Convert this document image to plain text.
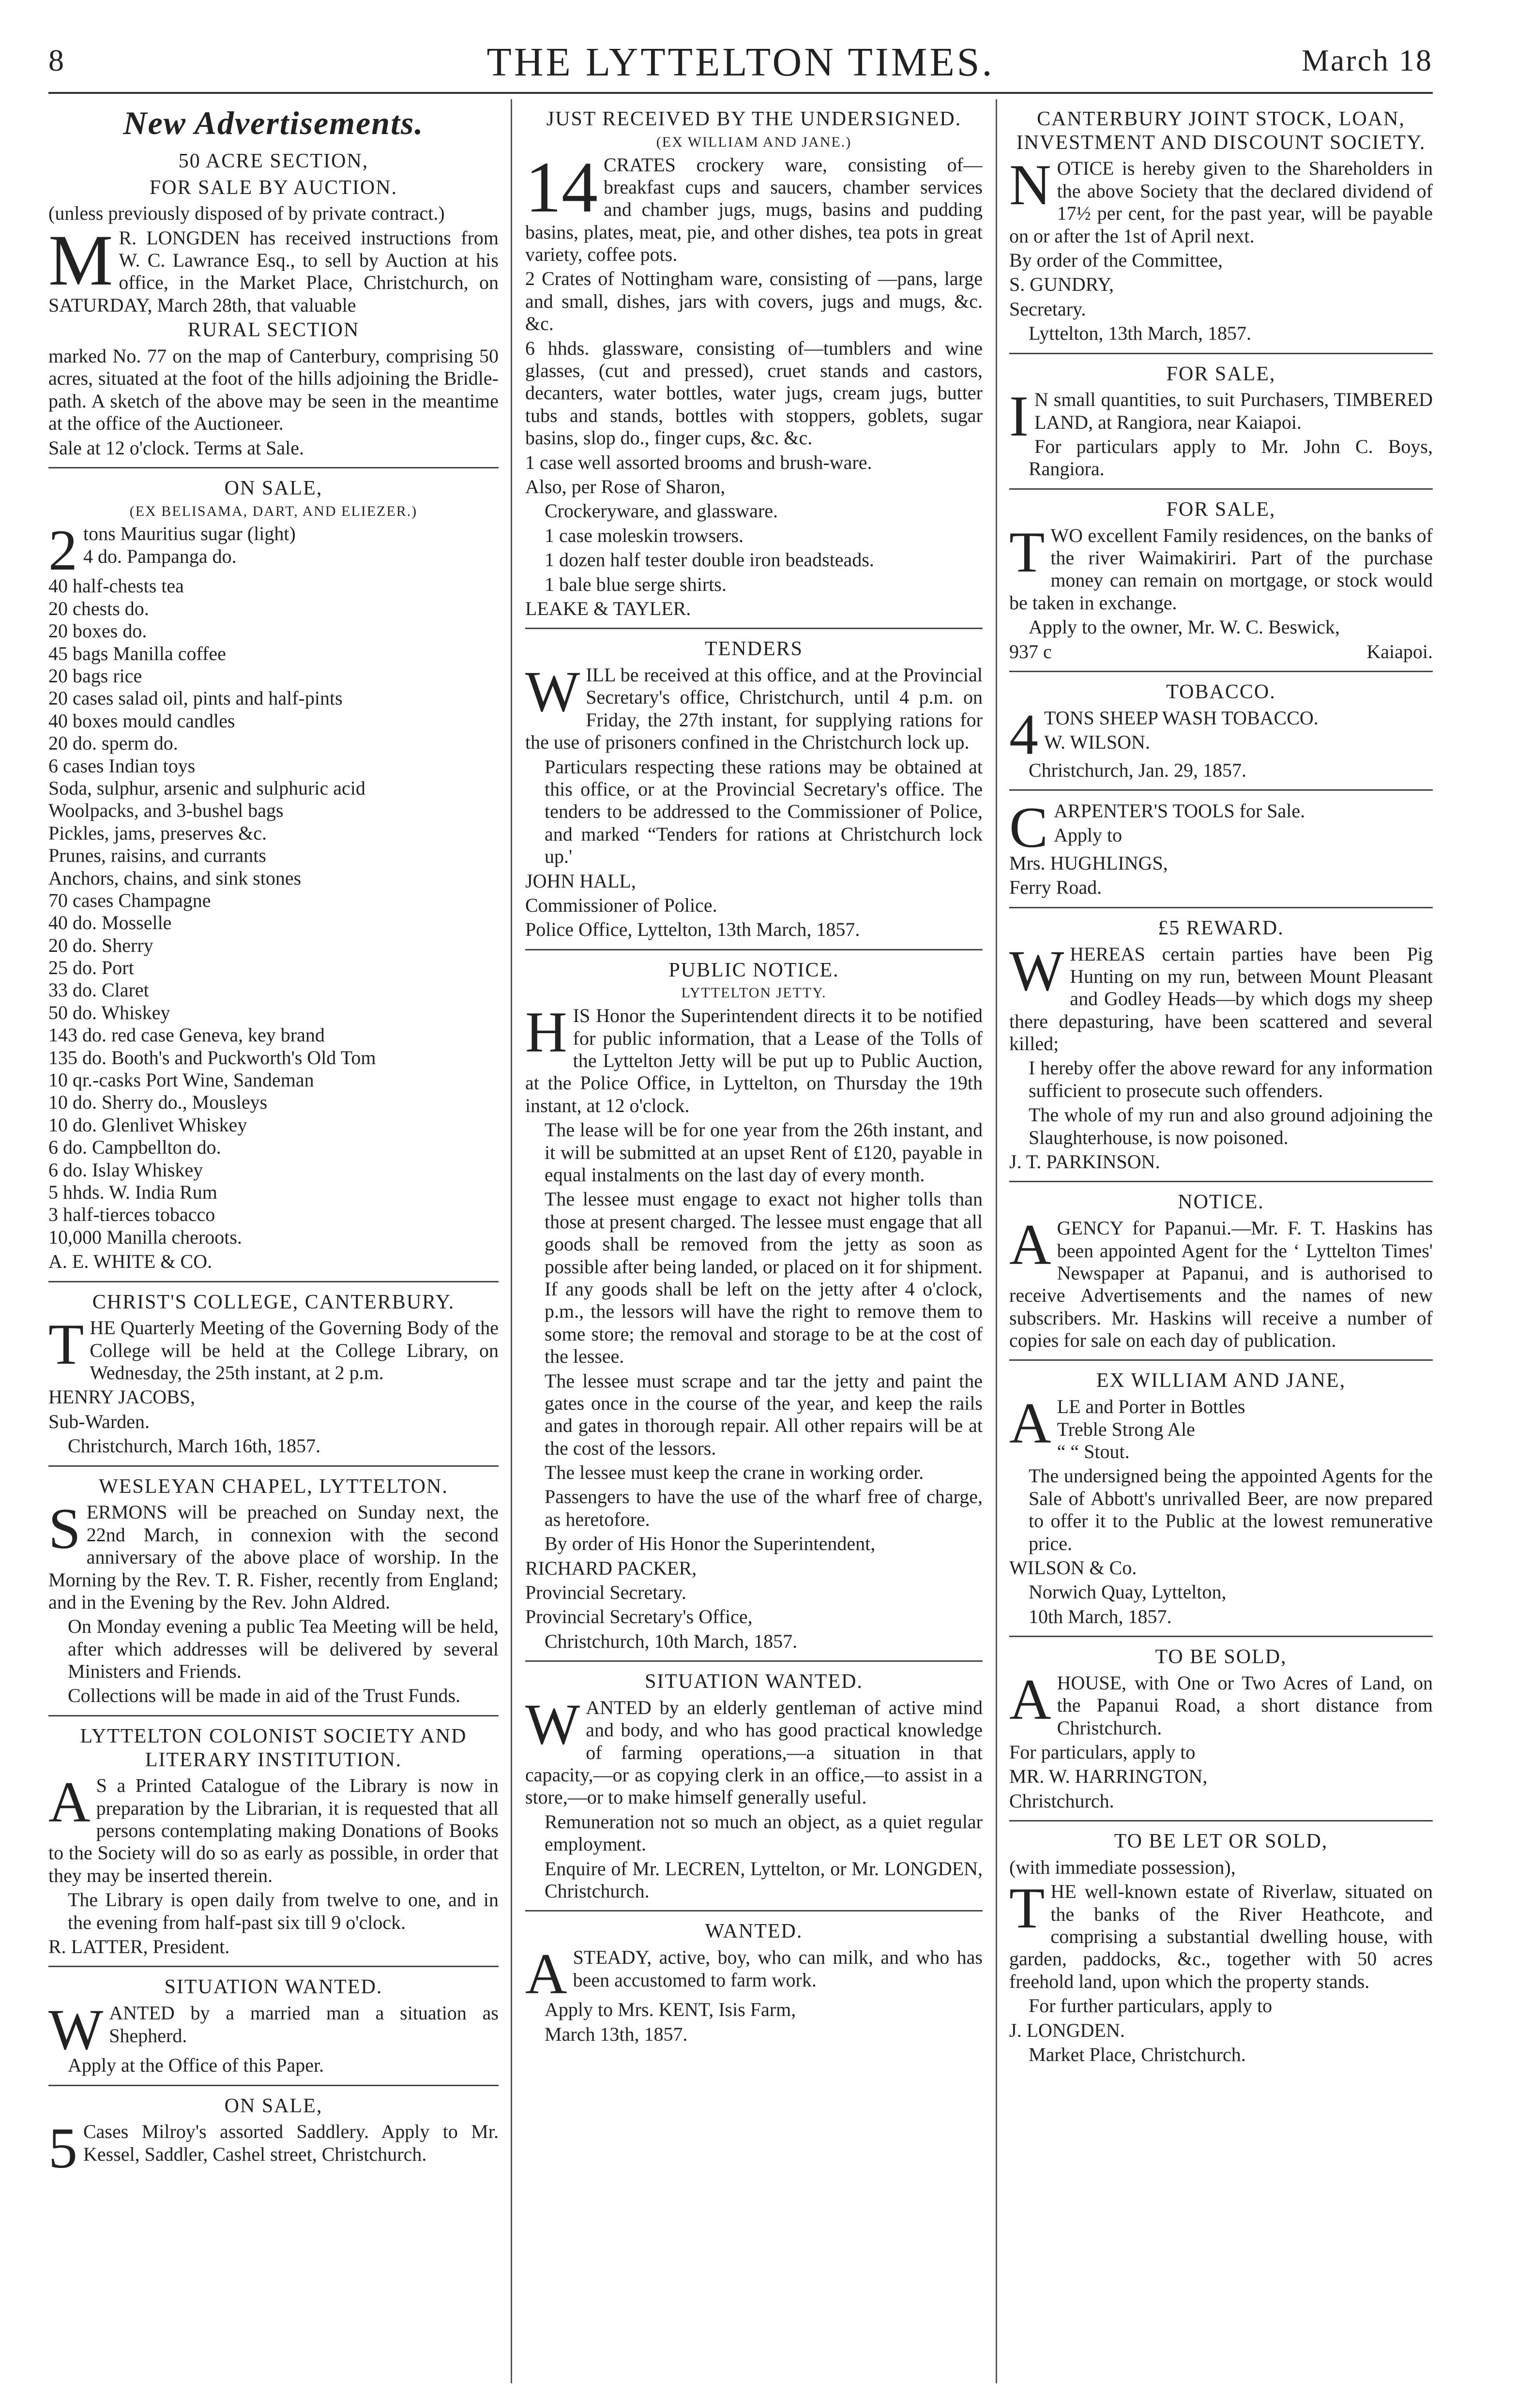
8	THE LYTTELTON TIMES.	March 18
New Advertisements.
50 ACRE SECTION,
FOR SALE BY AUCTION.

(unless previously disposed of by private contract.)

M R. LONGDEN has received instructions from W. C. Lawrance Esq., to sell by Auction at his office, in the Market Place, Christchurch, on SATURDAY, March 28th, that valuable

RURAL SECTION

marked No. 77 on the map of Canterbury, comprising 50 acres, situated at the foot of the hills adjoining the Bridle-path. A sketch of the above may be seen in the meantime at the office of the Auctioneer.

Sale at 12 o'clock. Terms at Sale.

ON SALE,
(EX BELISAMA, DART, AND ELIEZER.)
2 tons Mauritius sugar (light)
4 do. Pampanga do.
40 half-chests tea
20 chests do.
20 boxes do.
45 bags Manilla coffee
20 bags rice
20 cases salad oil, pints and half-pints
40 boxes mould candles
20 do. sperm do.
6 cases Indian toys
Soda, sulphur, arsenic and sulphuric acid
Woolpacks, and 3-bushel bags
Pickles, jams, preserves &c.
Prunes, raisins, and currants
Anchors, chains, and sink stones
70 cases Champagne
40 do. Mosselle
20 do. Sherry
25 do. Port
33 do. Claret
50 do. Whiskey
143 do. red case Geneva, key brand
135 do. Booth's and Puckworth's Old Tom
10 qr.-casks Port Wine, Sandeman
10 do. Sherry do., Mousleys
10 do. Glenlivet Whiskey
6 do. Campbellton do.
6 do. Islay Whiskey
5 hhds. W. India Rum
3 half-tierces tobacco
10,000 Manilla cheroots.

A. E. WHITE & CO.

CHRIST'S COLLEGE, CANTERBURY.

THE Quarterly Meeting of the Governing Body of the College will be held at the College Library, on Wednesday, the 25th instant, at 2 p.m.

HENRY JACOBS,

Sub-Warden.

Christchurch, March 16th, 1857.

WESLEYAN CHAPEL, LYTTELTON.

SERMONS will be preached on Sunday next, the 22nd March, in connexion with the second anniversary of the above place of worship. In the Morning by the Rev. T. R. Fisher, recently from England; and in the Evening by the Rev. John Aldred.

On Monday evening a public Tea Meeting will be held, after which addresses will be delivered by several Ministers and Friends.

Collections will be made in aid of the Trust Funds.

LYTTELTON COLONIST SOCIETY AND LITERARY INSTITUTION.

A S a Printed Catalogue of the Library is now in preparation by the Librarian, it is requested that all persons contemplating making Donations of Books to the Society will do so as early as possible, in order that they may be inserted therein.

The Library is open daily from twelve to one, and in the evening from half-past six till 9 o'clock.

R. LATTER, President.

SITUATION WANTED.

WANTED by a married man a situation as Shepherd.

Apply at the Office of this Paper.

ON SALE,

5 Cases Milroy's assorted Saddlery. Apply to Mr. Kessel, Saddler, Cashel street, Christchurch.

JUST RECEIVED BY THE UNDERSIGNED.
(EX WILLIAM AND JANE.)

14 CRATES crockery ware, consisting of—breakfast cups and saucers, chamber services and chamber jugs, mugs, basins and pudding basins, plates, meat, pie, and other dishes, tea pots in great variety, coffee pots.

2 Crates of Nottingham ware, consisting of —pans, large and small, dishes, jars with covers, jugs and mugs, &c. &c.

6 hhds. glassware, consisting of—tumblers and wine glasses, (cut and pressed), cruet stands and castors, decanters, water bottles, water jugs, cream jugs, butter tubs and stands, bottles with stoppers, goblets, sugar basins, slop do., finger cups, &c. &c.

1 case well assorted brooms and brush-ware.

Also, per Rose of Sharon,

Crockeryware, and glassware.

1 case moleskin trowsers.

1 dozen half tester double iron beadsteads.

1 bale blue serge shirts.

LEAKE & TAYLER.

TENDERS

WILL be received at this office, and at the Provincial Secretary's office, Christchurch, until 4 p.m. on Friday, the 27th instant, for supplying rations for the use of prisoners confined in the Christchurch lock up.

Particulars respecting these rations may be obtained at this office, or at the Provincial Secretary's office. The tenders to be addressed to the Commissioner of Police, and marked “Tenders for rations at Christchurch lock up.'

JOHN HALL,

Commissioner of Police.

Police Office, Lyttelton, 13th March, 1857.

PUBLIC NOTICE.
LYTTELTON JETTY.

HIS Honor the Superintendent directs it to be notified for public information, that a Lease of the Tolls of the Lyttelton Jetty will be put up to Public Auction, at the Police Office, in Lyttelton, on Thursday the 19th instant, at 12 o'clock.

The lease will be for one year from the 26th instant, and it will be submitted at an upset Rent of £120, payable in equal instalments on the last day of every month.

The lessee must engage to exact not higher tolls than those at present charged. The lessee must engage that all goods shall be removed from the jetty as soon as possible after being landed, or placed on it for shipment. If any goods shall be left on the jetty after 4 o'clock, p.m., the lessors will have the right to remove them to some store; the removal and storage to be at the cost of the lessee.

The lessee must scrape and tar the jetty and paint the gates once in the course of the year, and keep the rails and gates in thorough repair. All other repairs will be at the cost of the lessors.

The lessee must keep the crane in working order.

Passengers to have the use of the wharf free of charge, as heretofore.

By order of His Honor the Superintendent,

RICHARD PACKER,

Provincial Secretary.

Provincial Secretary's Office,

Christchurch, 10th March, 1857.

SITUATION WANTED.

WANTED by an elderly gentleman of active mind and body, and who has good practical knowledge of farming operations,—a situation in that capacity,—or as copying clerk in an office,—to assist in a store,—or to make himself generally useful.

Remuneration not so much an object, as a quiet regular employment.

Enquire of Mr. LECREN, Lyttelton, or Mr. LONGDEN, Christchurch.

WANTED.

ASTEADY, active, boy, who can milk, and who has been accustomed to farm work.

Apply to Mrs. KENT, Isis Farm,

March 13th, 1857.

CANTERBURY JOINT STOCK, LOAN, INVESTMENT AND DISCOUNT SOCIETY.

NOTICE is hereby given to the Shareholders in the above Society that the declared dividend of 17½ per cent, for the past year, will be payable on or after the 1st of April next.

By order of the Committee,

S. GUNDRY,

Secretary.

Lyttelton, 13th March, 1857.

FOR SALE,

I N small quantities, to suit Purchasers, TIMBERED LAND, at Rangiora, near Kaiapoi.

For particulars apply to Mr. John C. Boys, Rangiora.

FOR SALE,

TWO excellent Family residences, on the banks of the river Waimakiriri. Part of the purchase money can remain on mortgage, or stock would be taken in exchange.

Apply to the owner, Mr. W. C. Beswick,

937 c	Kaiapoi.

TOBACCO.

4 TONS SHEEP WASH TOBACCO.

W. WILSON.

Christchurch, Jan. 29, 1857.

CARPENTER'S TOOLS for Sale.

Apply to

Mrs. HUGHLINGS,

Ferry Road.

£5 REWARD.

WHEREAS certain parties have been Pig Hunting on my run, between Mount Pleasant and Godley Heads—by which dogs my sheep there depasturing, have been scattered and several killed;

I hereby offer the above reward for any information sufficient to prosecute such offenders.

The whole of my run and also ground adjoining the Slaughterhouse, is now poisoned.

J. T. PARKINSON.

NOTICE.

AGENCY for Papanui.—Mr. F. T. Haskins has been appointed Agent for the ‘ Lyttelton Times' Newspaper at Papanui, and is authorised to receive Advertisements and the names of new subscribers. Mr. Haskins will receive a number of copies for sale on each day of publication.

EX WILLIAM AND JANE,
A LE and Porter in Bottles
Treble Strong Ale
“ “ Stout.

The undersigned being the appointed Agents for the Sale of Abbott's unrivalled Beer, are now prepared to offer it to the Public at the lowest remunerative price.

WILSON & Co.

Norwich Quay, Lyttelton,

10th March, 1857.

TO BE SOLD,

AHOUSE, with One or Two Acres of Land, on the Papanui Road, a short distance from Christchurch.

For particulars, apply to

MR. W. HARRINGTON,

Christchurch.

TO BE LET OR SOLD,

(with immediate possession),

THE well-known estate of Riverlaw, situated on the banks of the River Heathcote, and comprising a substantial dwelling house, with garden, paddocks, &c., together with 50 acres freehold land, upon which the property stands.

For further particulars, apply to

J. LONGDEN.

Market Place, Christchurch.
